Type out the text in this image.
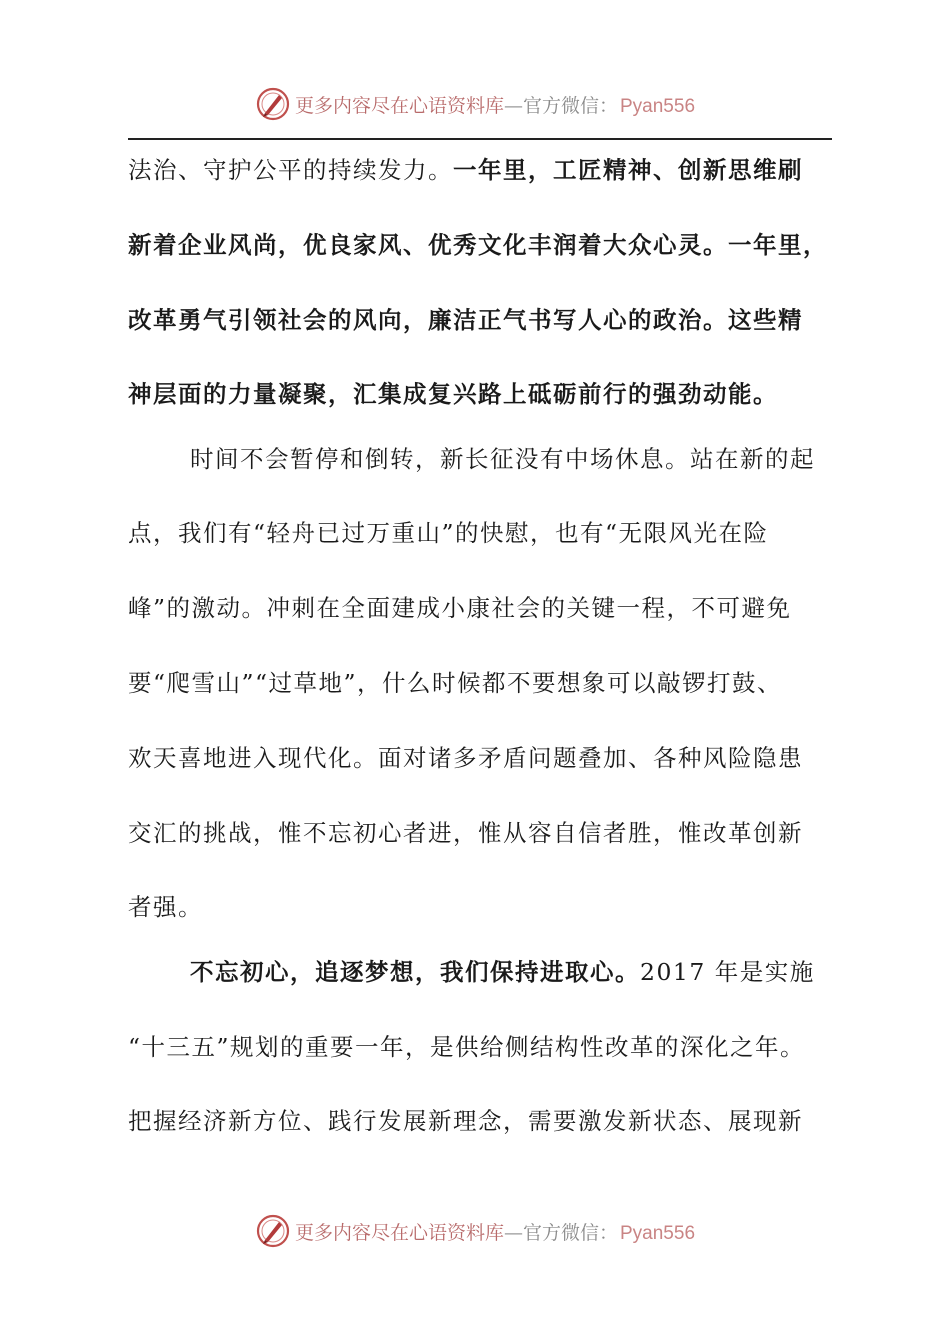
更多内容尽在心语资料库—官方微信： Pyan556
法治、守护公平的持续发力。一年里，工匠精神、创新思维刷
新着企业风尚，优良家风、优秀文化丰润着大众心灵。一年里，
改革勇气引领社会的风向，廉洁正气书写人心的政治。这些精
神层面的力量凝聚，汇集成复兴路上砥砺前行的强劲动能。
时间不会暂停和倒转，新长征没有中场休息。站在新的起
点，我们有“轻舟已过万重山”的快慰，也有“无限风光在险
峰”的激动。冲刺在全面建成小康社会的关键一程，不可避免
要“爬雪山”“过草地”，什么时候都不要想象可以敲锣打鼓、
欢天喜地进入现代化。面对诸多矛盾问题叠加、各种风险隐患
交汇的挑战，惟不忘初心者进，惟从容自信者胜，惟改革创新
者强。
不忘初心，追逐梦想，我们保持进取心。2017 年是实施
“十三五”规划的重要一年，是供给侧结构性改革的深化之年。
把握经济新方位、践行发展新理念，需要激发新状态、展现新
更多内容尽在心语资料库—官方微信： Pyan556
